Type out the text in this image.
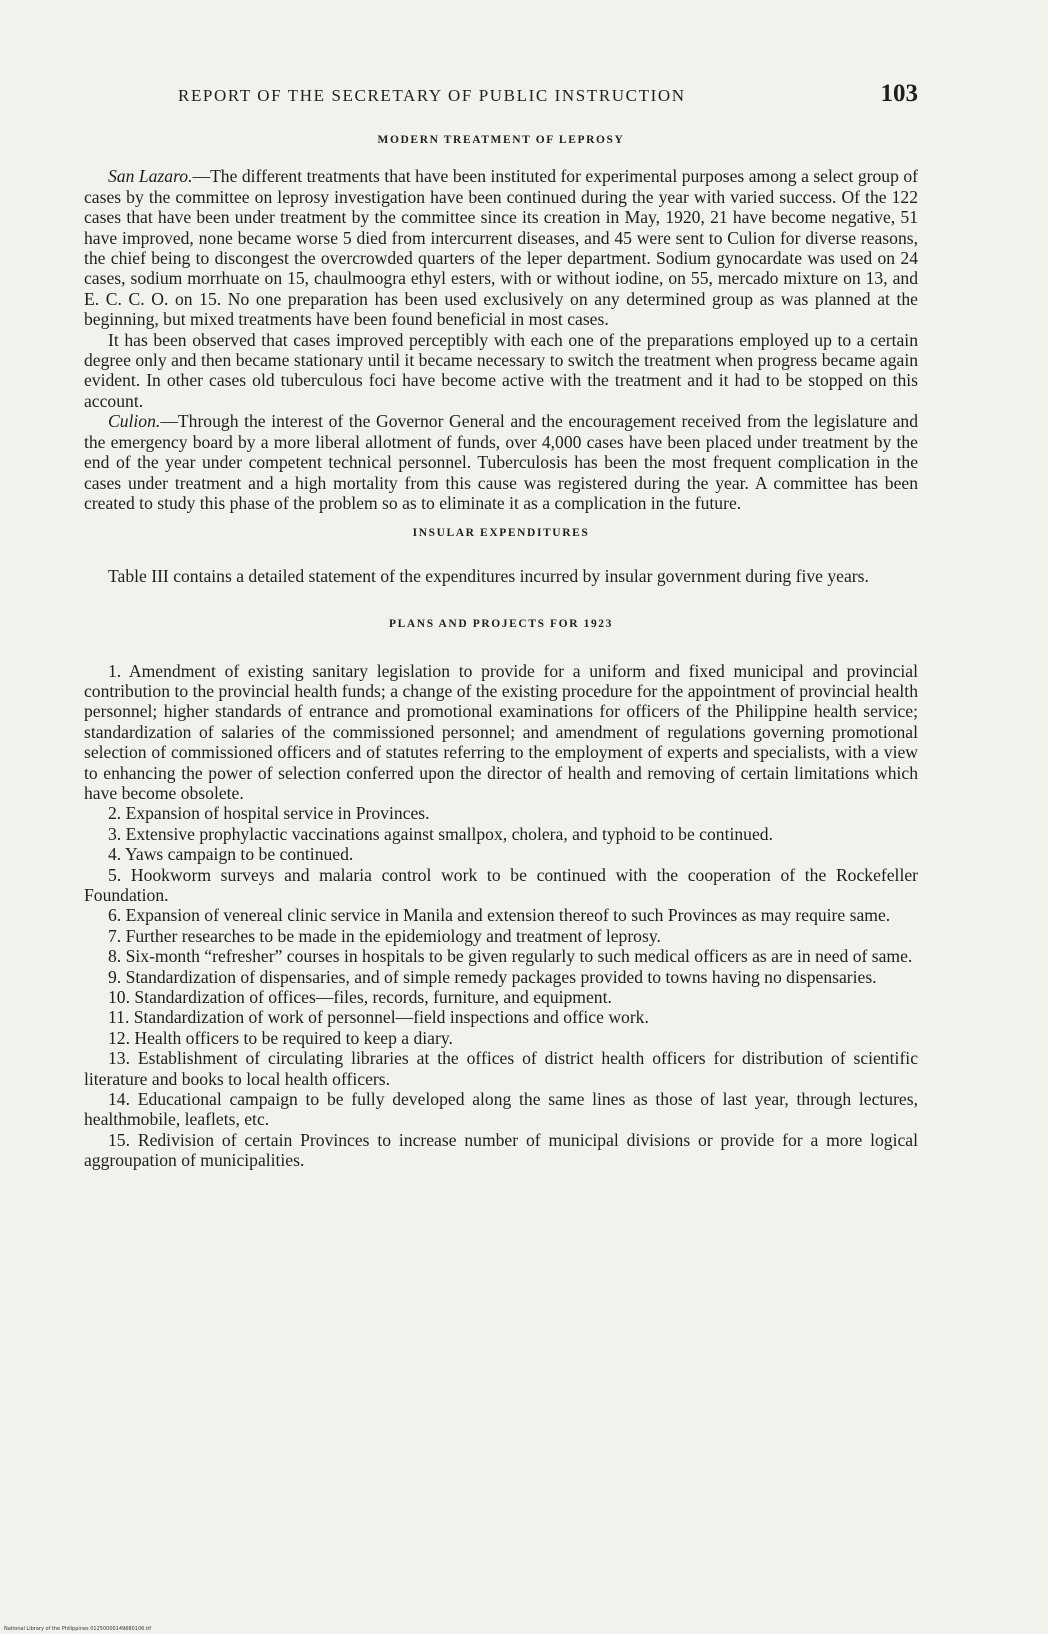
REPORT OF THE SECRETARY OF PUBLIC INSTRUCTION	103
MODERN TREATMENT OF LEPROSY

San Lazaro.—The different treatments that have been instituted for experimental purposes among a select group of cases by the committee on leprosy investigation have been continued during the year with varied success. Of the 122 cases that have been under treatment by the committee since its creation in May, 1920, 21 have become negative, 51 have improved, none became worse 5 died from intercurrent diseases, and 45 were sent to Culion for diverse reasons, the chief being to discongest the overcrowded quarters of the leper department. Sodium gynocardate was used on 24 cases, sodium morrhuate on 15, chaulmoogra ethyl esters, with or without iodine, on 55, mercado mixture on 13, and E. C. C. O. on 15. No one preparation has been used exclusively on any determined group as was planned at the beginning, but mixed treatments have been found beneficial in most cases.

It has been observed that cases improved perceptibly with each one of the preparations employed up to a certain degree only and then became stationary until it became necessary to switch the treatment when progress became again evident. In other cases old tuberculous foci have become active with the treatment and it had to be stopped on this account.

Culion.—Through the interest of the Governor General and the encouragement received from the legislature and the emergency board by a more liberal allotment of funds, over 4,000 cases have been placed under treatment by the end of the year under competent technical personnel. Tuberculosis has been the most frequent complication in the cases under treatment and a high mortality from this cause was registered during the year. A committee has been created to study this phase of the problem so as to eliminate it as a complication in the future.

INSULAR EXPENDITURES

Table III contains a detailed statement of the expenditures incurred by insular government during five years.

PLANS AND PROJECTS FOR 1923
1. Amendment of existing sanitary legislation to provide for a uniform and fixed municipal and provincial contribution to the provincial health funds; a change of the existing procedure for the appointment of provincial health personnel; higher standards of entrance and promotional examinations for officers of the Philippine health service; standardization of salaries of the commissioned personnel; and amendment of regulations governing promotional selection of commissioned officers and of statutes referring to the employment of experts and specialists, with a view to enhancing the power of selection conferred upon the director of health and removing of certain limitations which have become obsolete.
2. Expansion of hospital service in Provinces.
3. Extensive prophylactic vaccinations against smallpox, cholera, and typhoid to be continued.
4. Yaws campaign to be continued.
5. Hookworm surveys and malaria control work to be continued with the cooperation of the Rockefeller Foundation.
6. Expansion of venereal clinic service in Manila and extension thereof to such Provinces as may require same.
7. Further researches to be made in the epidemiology and treatment of leprosy.
8. Six-month “refresher” courses in hospitals to be given regularly to such medical officers as are in need of same.
9. Standardization of dispensaries, and of simple remedy packages provided to towns having no dispensaries.
10. Standardization of offices—files, records, furniture, and equipment.
11. Standardization of work of personnel—field inspections and office work.
12. Health officers to be required to keep a diary.
13. Establishment of circulating libraries at the offices of district health officers for distribution of scientific literature and books to local health officers.
14. Educational campaign to be fully developed along the same lines as those of last year, through lectures, healthmobile, leaflets, etc.
15. Redivision of certain Provinces to increase number of municipal divisions or provide for a more logical aggroupation of municipalities.
National Library of the Philippines 01250000149680106.tif
